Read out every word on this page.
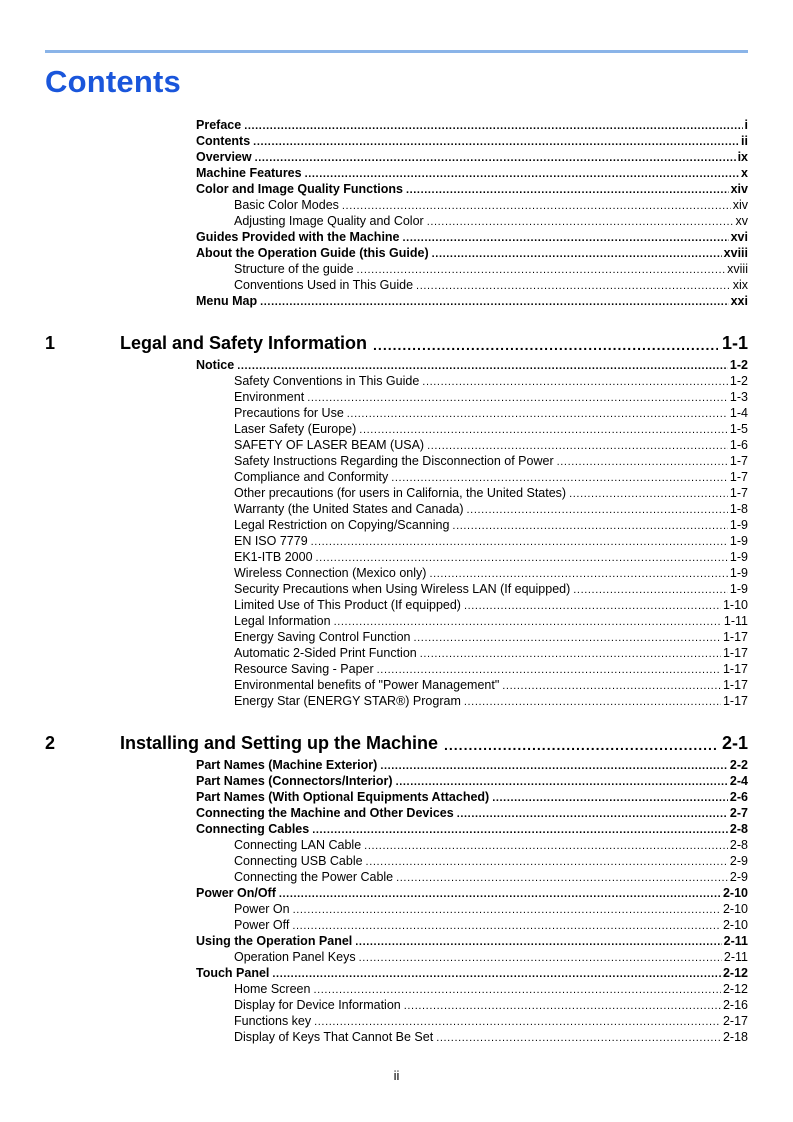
Contents
Preface .....	i
Contents .....	ii
Overview .....	ix
Machine Features .....	x
Color and Image Quality Functions .....	xiv
Basic Color Modes .....	xiv
Adjusting Image Quality and Color .....	xv
Guides Provided with the Machine .....	xvi
About the Operation Guide (this Guide) .....	xviii
Structure of the guide .....	xviii
Conventions Used in This Guide .....	xix
Menu Map .....	xxi
1	Legal and Safety Information .....	1-1
Notice .....	1-2
Safety Conventions in This Guide .....	1-2
Environment .....	1-3
Precautions for Use .....	1-4
Laser Safety (Europe) .....	1-5
SAFETY OF LASER BEAM (USA) .....	1-6
Safety Instructions Regarding the Disconnection of Power .....	1-7
Compliance and Conformity .....	1-7
Other precautions (for users in California, the United States) .....	1-7
Warranty (the United States and Canada) .....	1-8
Legal Restriction on Copying/Scanning .....	1-9
EN ISO 7779 .....	1-9
EK1-ITB 2000 .....	1-9
Wireless Connection (Mexico only) .....	1-9
Security Precautions when Using Wireless LAN (If equipped) .....	1-9
Limited Use of This Product (If equipped) .....	1-10
Legal Information .....	1-11
Energy Saving Control Function .....	1-17
Automatic 2-Sided Print Function .....	1-17
Resource Saving - Paper .....	1-17
Environmental benefits of "Power Management" .....	1-17
Energy Star (ENERGY STAR®) Program .....	1-17
2	Installing and Setting up the Machine .....	2-1
Part Names (Machine Exterior) .....	2-2
Part Names (Connectors/Interior) .....	2-4
Part Names (With Optional Equipments Attached) .....	2-6
Connecting the Machine and Other Devices .....	2-7
Connecting Cables .....	2-8
Connecting LAN Cable .....	2-8
Connecting USB Cable .....	2-9
Connecting the Power Cable .....	2-9
Power On/Off .....	2-10
Power On .....	2-10
Power Off .....	2-10
Using the Operation Panel .....	2-11
Operation Panel Keys .....	2-11
Touch Panel .....	2-12
Home Screen .....	2-12
Display for Device Information .....	2-16
Functions key .....	2-17
Display of Keys That Cannot Be Set .....	2-18
ii
